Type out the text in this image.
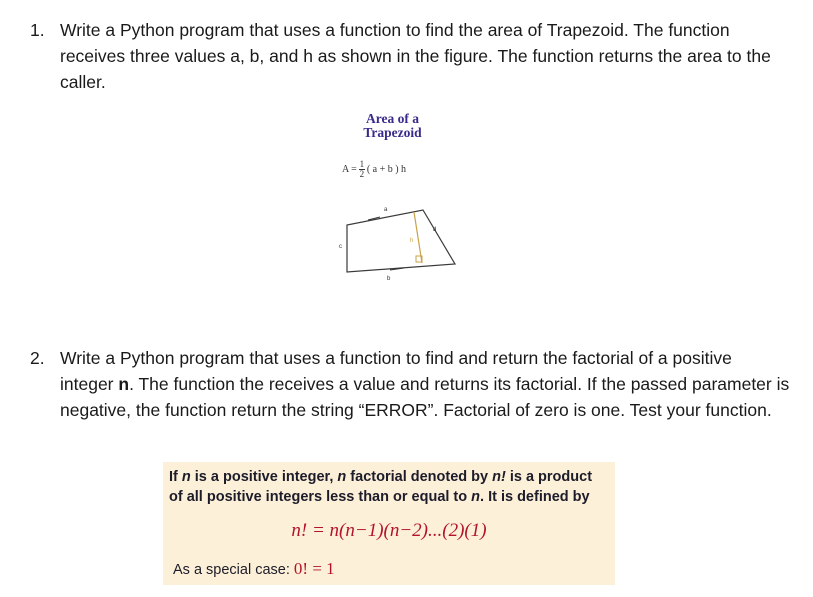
1. Write a Python program that uses a function to find the area of Trapezoid. The function receives three values a, b, and h as shown in the figure. The function returns the area to the caller.
Area of a
Trapezoid
$A = \frac{1}{2}$ ( a + b ) h
a
b
c
d
h
2. Write a Python program that uses a function to find and return the factorial of a positive integer n. The function the receives a value and returns its factorial. If the passed parameter is negative, the function return the string “ERROR”. Factorial of zero is one. Test your function.
If n is a positive integer, n factorial denoted by n! is a product
of all positive integers less than or equal to n. It is defined by
n! = n(n−1)(n−2)...(2)(1)
As a special case: 0! = 1
